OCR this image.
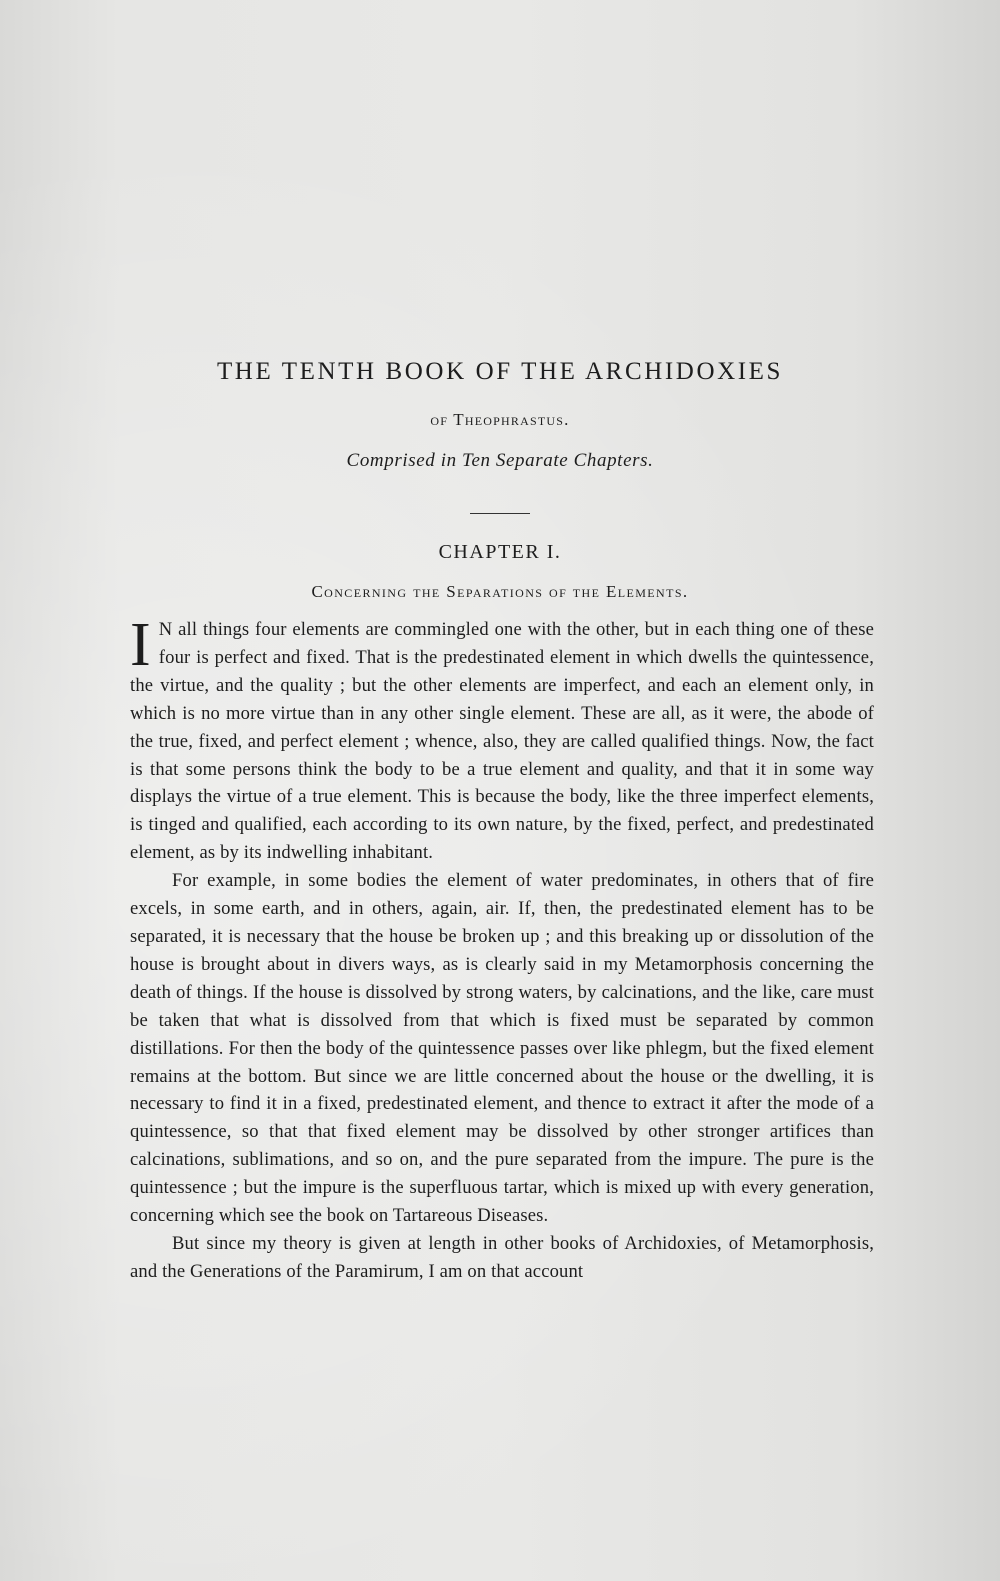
THE TENTH BOOK OF THE ARCHIDOXIES
of Theophrastus.
Comprised in Ten Separate Chapters.
CHAPTER I.
Concerning the Separations of the Elements.

I N all things four elements are commingled one with the other, but in each thing one of these four is perfect and fixed. That is the predestinated element in which dwells the quintessence, the virtue, and the quality ; but the other elements are imperfect, and each an element only, in which is no more virtue than in any other single element. These are all, as it were, the abode of the true, fixed, and perfect element ; whence, also, they are called qualified things. Now, the fact is that some persons think the body to be a true element and quality, and that it in some way displays the virtue of a true element. This is because the body, like the three imperfect elements, is tinged and qualified, each according to its own nature, by the fixed, perfect, and predestinated element, as by its indwelling inhabitant.

For example, in some bodies the element of water predominates, in others that of fire excels, in some earth, and in others, again, air. If, then, the predestinated element has to be separated, it is necessary that the house be broken up ; and this breaking up or dissolution of the house is brought about in divers ways, as is clearly said in my Metamorphosis concerning the death of things. If the house is dissolved by strong waters, by calcinations, and the like, care must be taken that what is dissolved from that which is fixed must be separated by common distillations. For then the body of the quintessence passes over like phlegm, but the fixed element remains at the bottom. But since we are little concerned about the house or the dwelling, it is necessary to find it in a fixed, predestinated element, and thence to extract it after the mode of a quintessence, so that that fixed element may be dissolved by other stronger artifices than calcinations, sublimations, and so on, and the pure separated from the impure. The pure is the quintessence ; but the impure is the superfluous tartar, which is mixed up with every generation, concerning which see the book on Tartareous Diseases.

But since my theory is given at length in other books of Archidoxies, of Metamorphosis, and the Generations of the Paramirum, I am on that account
